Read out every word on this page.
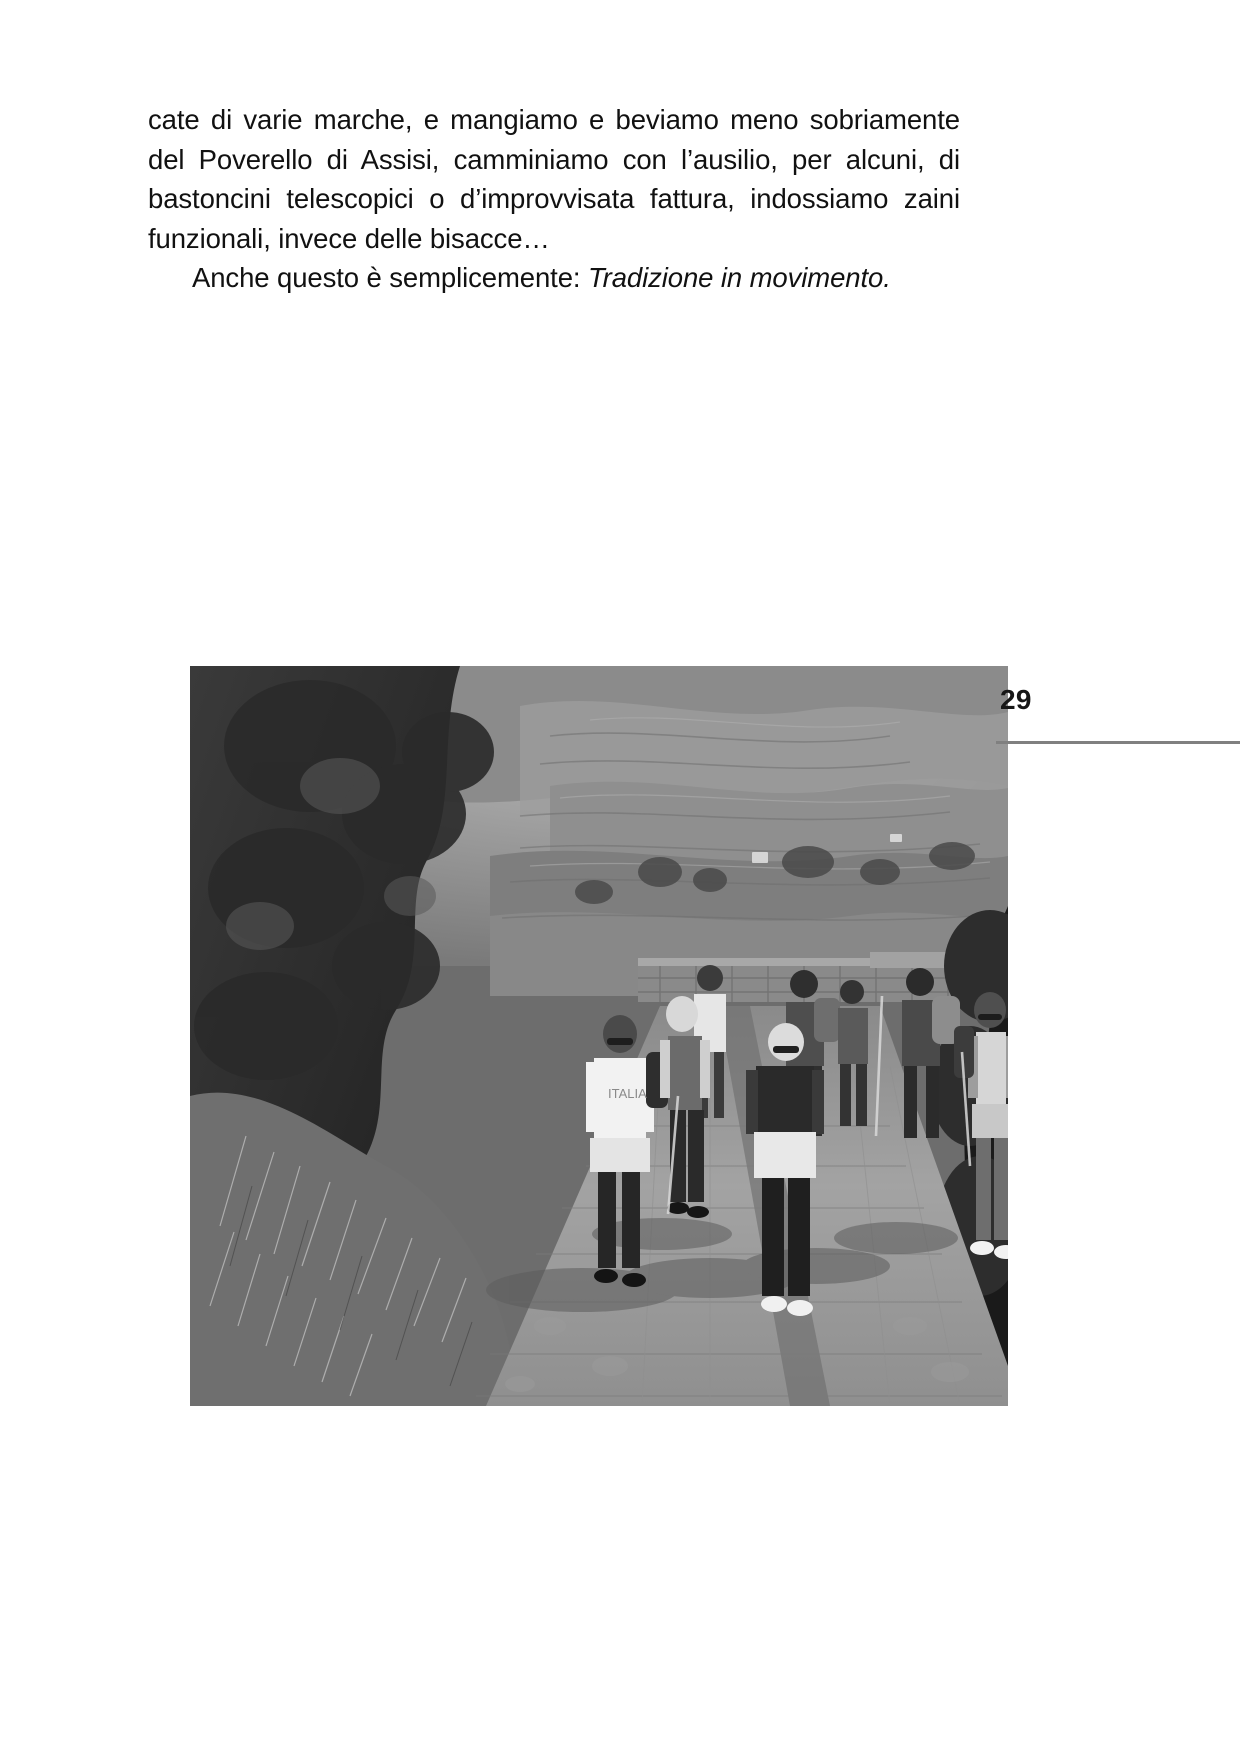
cate di varie marche, e mangiamo e beviamo meno sobriamente del Poverello di Assisi, camminiamo con l’ausilio, per alcuni, di bastoncini telescopici o d’improvvisata fattura, indossiamo zaini funzionali, invece delle bisacce…

Anche questo è semplicemente: Tradizione in movimento.

ITALIA
29
